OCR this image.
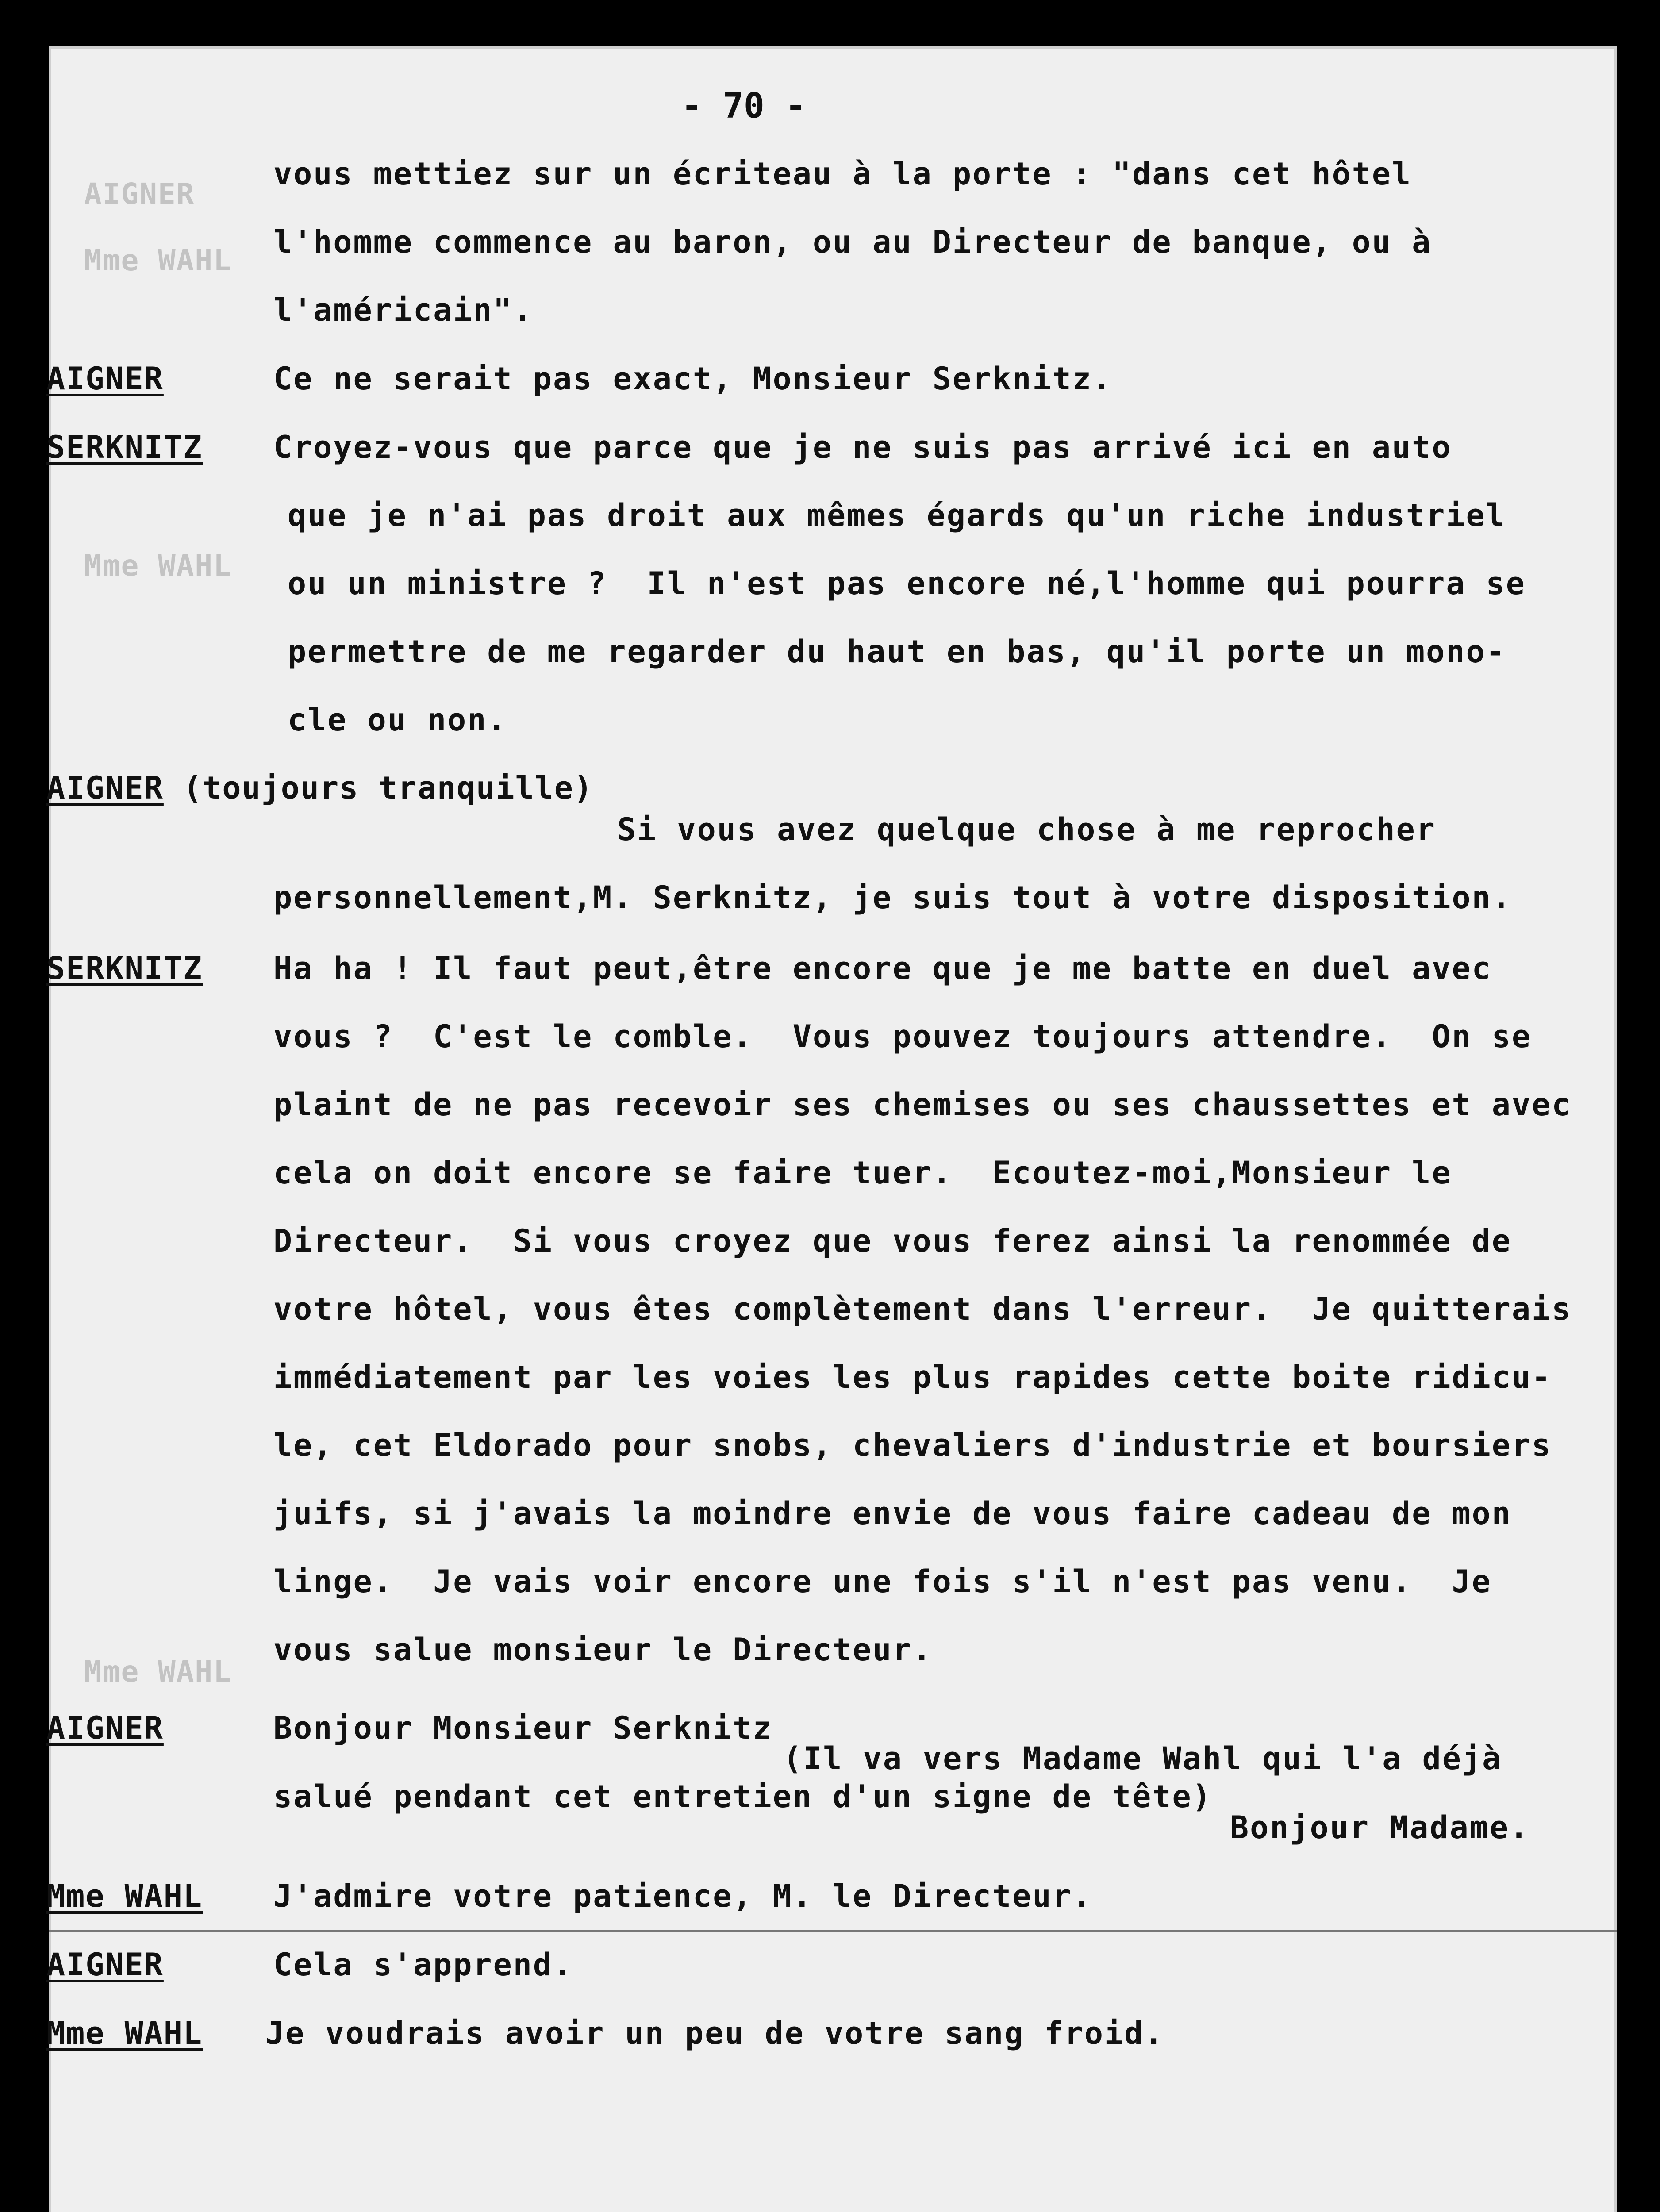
AIGNER
Mme WAHL
Mme WAHL
Mme WAHL
- 70 -
vous mettiez sur un écriteau à la porte : "dans cet hôtel
l'homme commence au baron, ou au Directeur de banque, ou à
l'américain".
AIGNER	Ce ne serait pas exact, Monsieur Serknitz.
SERKNITZ Croyez-vous que parce que je ne suis pas arrivé ici en auto
que je n'ai pas droit aux mêmes égards qu'un riche industriel
ou un ministre ?  Il n'est pas encore né,l'homme qui pourra se
permettre de me regarder du haut en bas, qu'il porte un mono-
cle ou non.
AIGNER (toujours tranquille)
Si vous avez quelque chose à me reprocher
personnellement,M. Serknitz, je suis tout à votre disposition.
SERKNITZ Ha ha ! Il faut peut,être encore que je me batte en duel avec
vous ?  C'est le comble.  Vous pouvez toujours attendre.  On se
plaint de ne pas recevoir ses chemises ou ses chaussettes et avec
cela on doit encore se faire tuer.  Ecoutez-moi,Monsieur le
Directeur.  Si vous croyez que vous ferez ainsi la renommée de
votre hôtel, vous êtes complètement dans l'erreur.  Je quitterais
immédiatement par les voies les plus rapides cette boite ridicu-
le, cet Eldorado pour snobs, chevaliers d'industrie et boursiers
juifs, si j'avais la moindre envie de vous faire cadeau de mon
linge.  Je vais voir encore une fois s'il n'est pas venu.  Je
vous salue monsieur le Directeur.
AIGNER	Bonjour Monsieur Serknitz
(Il va vers Madame Wahl qui l'a déjà
salué pendant cet entretien d'un signe de tête)
Bonjour Madame.
Mme WAHL J'admire votre patience, M. le Directeur.
AIGNER	Cela s'apprend.
Mme WAHL Je voudrais avoir un peu de votre sang froid.
